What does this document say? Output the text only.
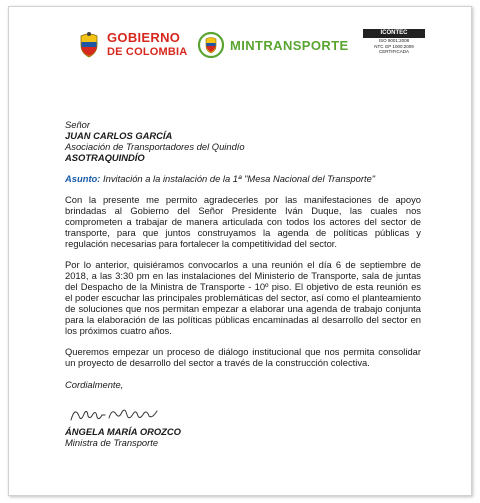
GOBIERNO
DE COLOMBIA	MINTRANSPORTE
ICONTEC
ISO 9001:2008
NTC GP 1000:2009
CERTIFICADA

Señor

JUAN CARLOS GARCÍA

Asociación de Transportadores del Quindío

ASOTRAQUINDÍO

Asunto: Invitación a la instalación de la 1ª "Mesa Nacional del Transporte"

Con la presente me permito agradecerles por las manifestaciones de apoyo brindadas al Gobierno del Señor Presidente Iván Duque, las cuales nos comprometen a trabajar de manera articulada con todos los actores del sector de transporte, para que juntos construyamos la agenda de políticas públicas y regulación necesarias para fortalecer la competitividad del sector.

Por lo anterior, quisiéramos convocarlos a una reunión el día 6 de septiembre de 2018, a las 3:30 pm en las instalaciones del Ministerio de Transporte, sala de juntas del Despacho de la Ministra de Transporte - 10º piso. El objetivo de esta reunión es el poder escuchar las principales problemáticas del sector, así como el planteamiento de soluciones que nos permitan empezar a elaborar una agenda de trabajo conjunta para la elaboración de las políticas públicas encaminadas al desarrollo del sector en los próximos cuatro años.

Queremos empezar un proceso de diálogo institucional que nos permita consolidar un proyecto de desarrollo del sector a través de la construcción colectiva.

Cordialmente,

ÁNGELA MARÍA OROZCO

Ministra de Transporte
